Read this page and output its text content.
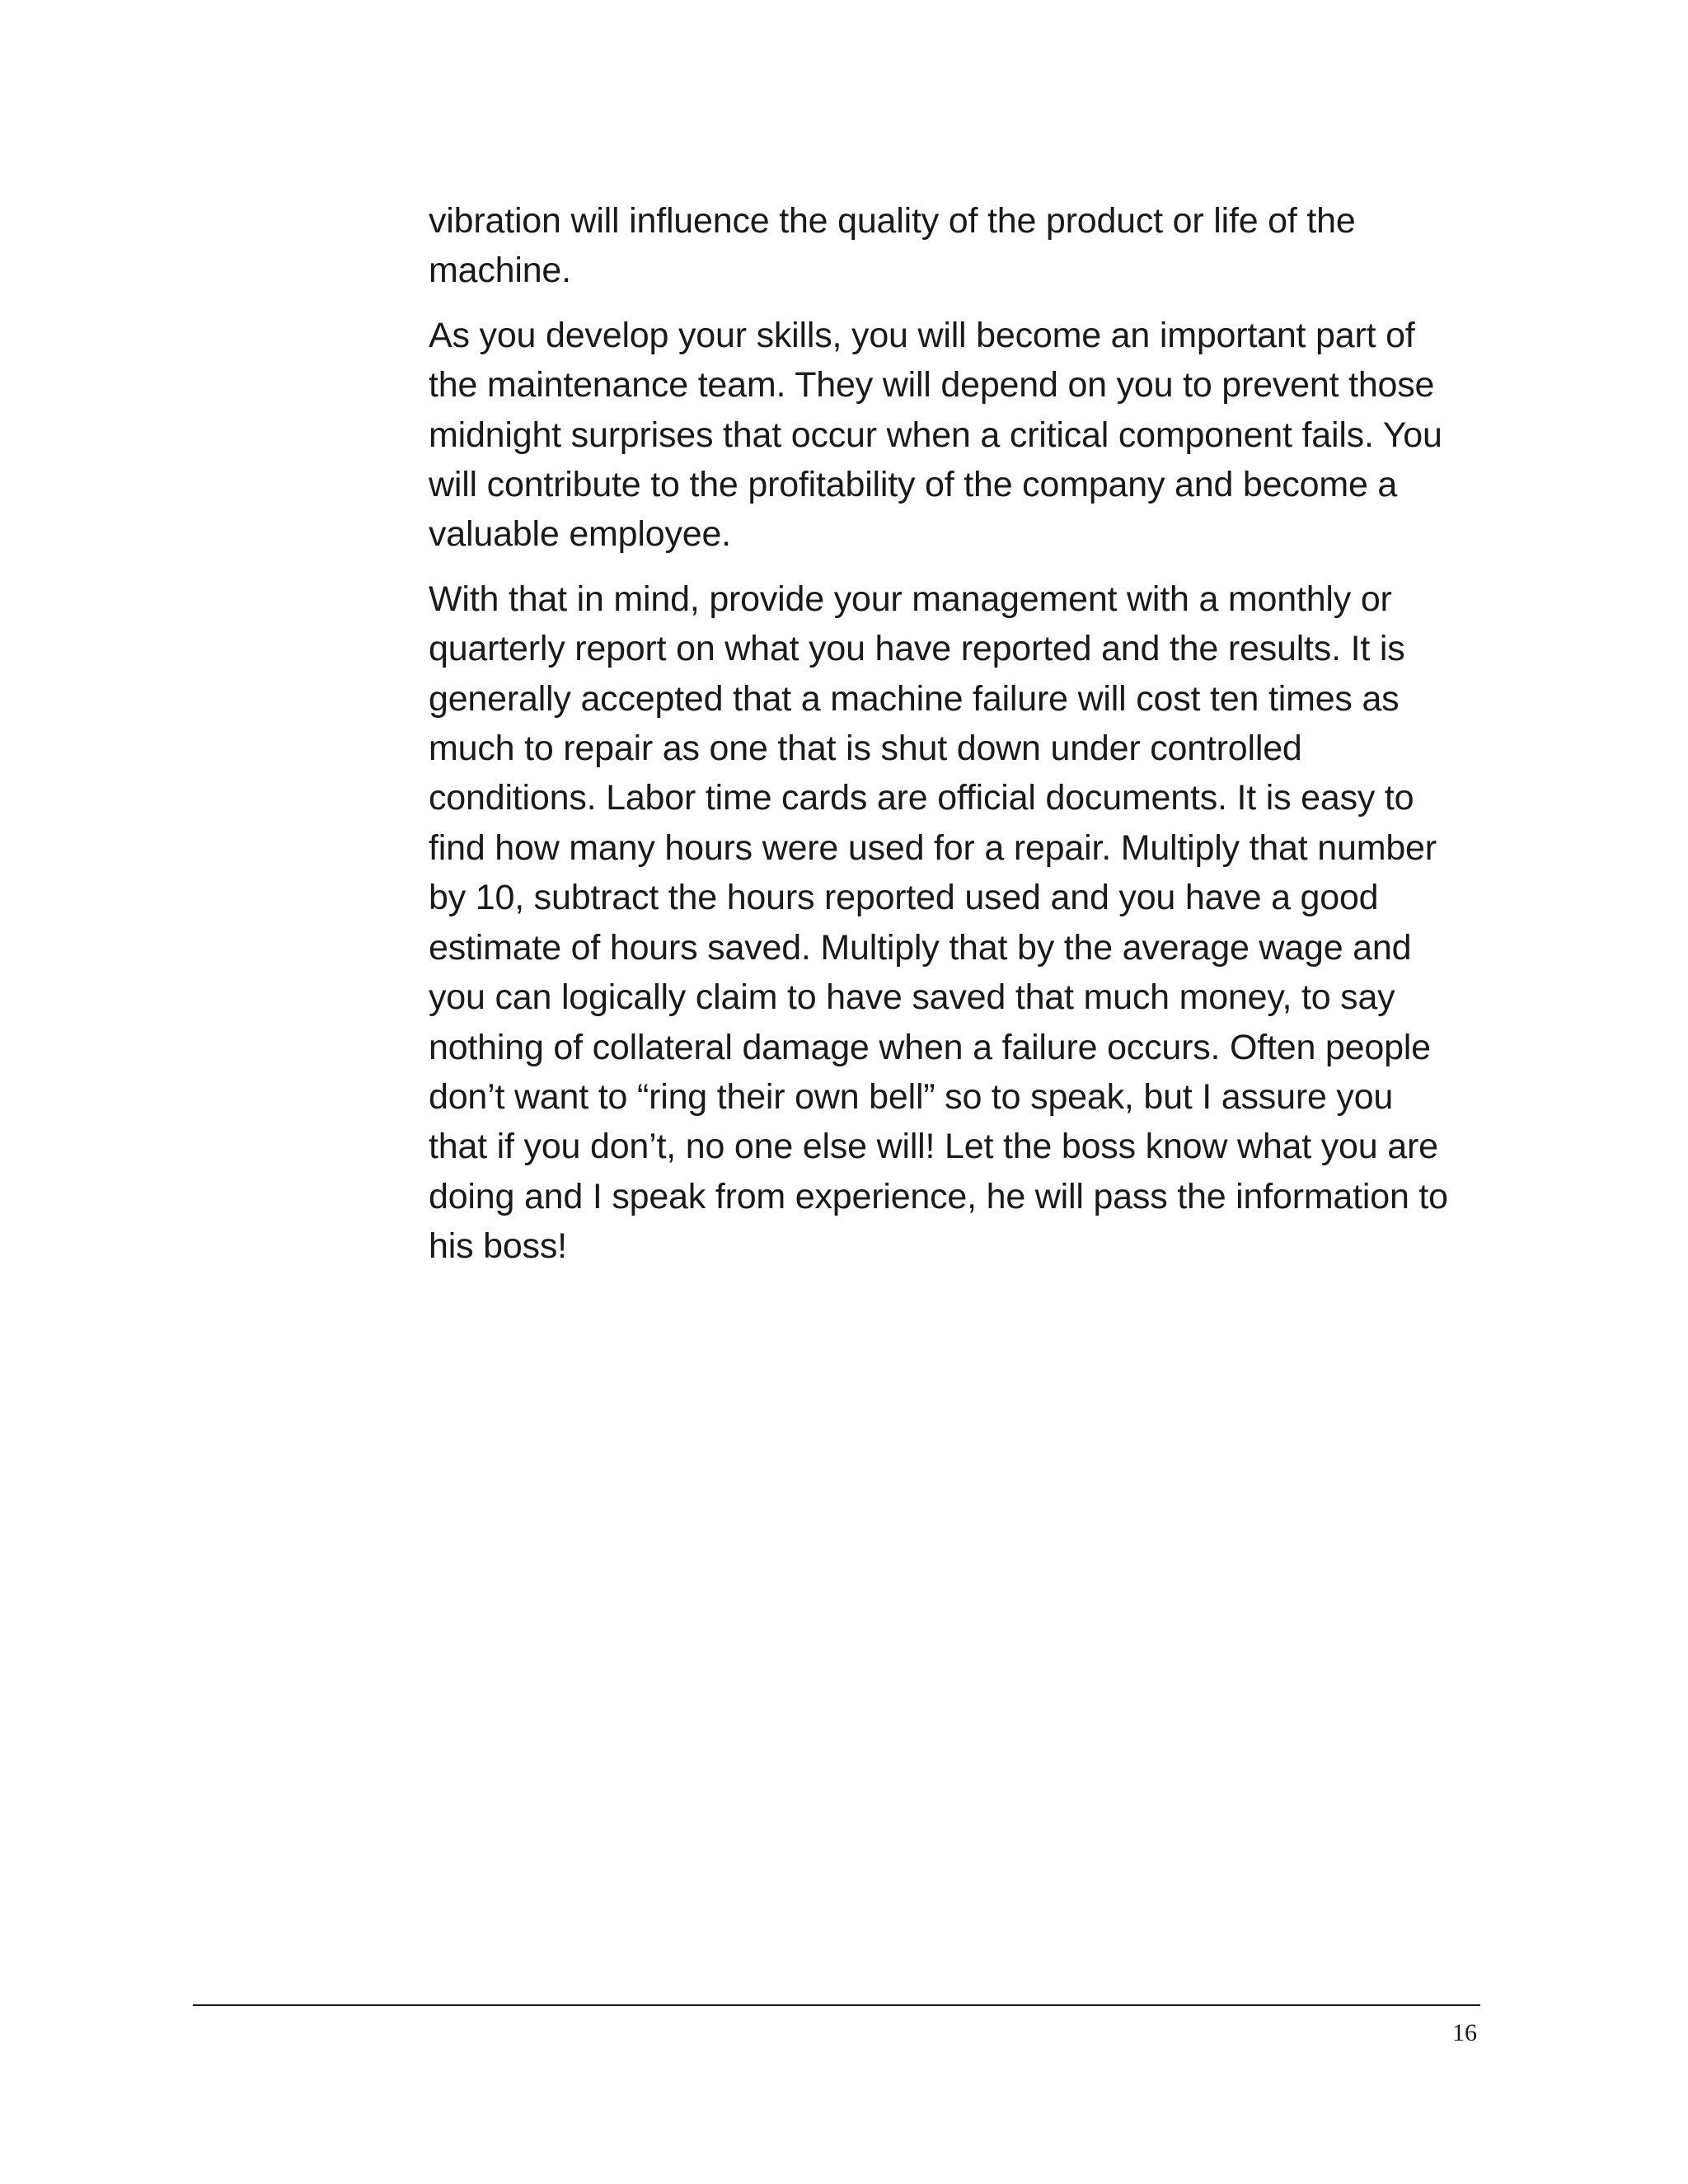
vibration will influence the quality of the product or life of the
machine.

As you develop your skills, you will become an important part of
the maintenance team. They will depend on you to prevent those
midnight surprises that occur when a critical component fails. You
will contribute to the profitability of the company and become a
valuable employee.

With that in mind, provide your management with a monthly or
quarterly report on what you have reported and the results. It is
generally accepted that a machine failure will cost ten times as
much to repair as one that is shut down under controlled
conditions. Labor time cards are official documents. It is easy to
find how many hours were used for a repair. Multiply that number
by 10, subtract the hours reported used and you have a good
estimate of hours saved. Multiply that by the average wage and
you can logically claim to have saved that much money, to say
nothing of collateral damage when a failure occurs. Often people
don’t want to “ring their own bell” so to speak, but I assure you
that if you don’t, no one else will! Let the boss know what you are
doing and I speak from experience, he will pass the information to
his boss!

16
